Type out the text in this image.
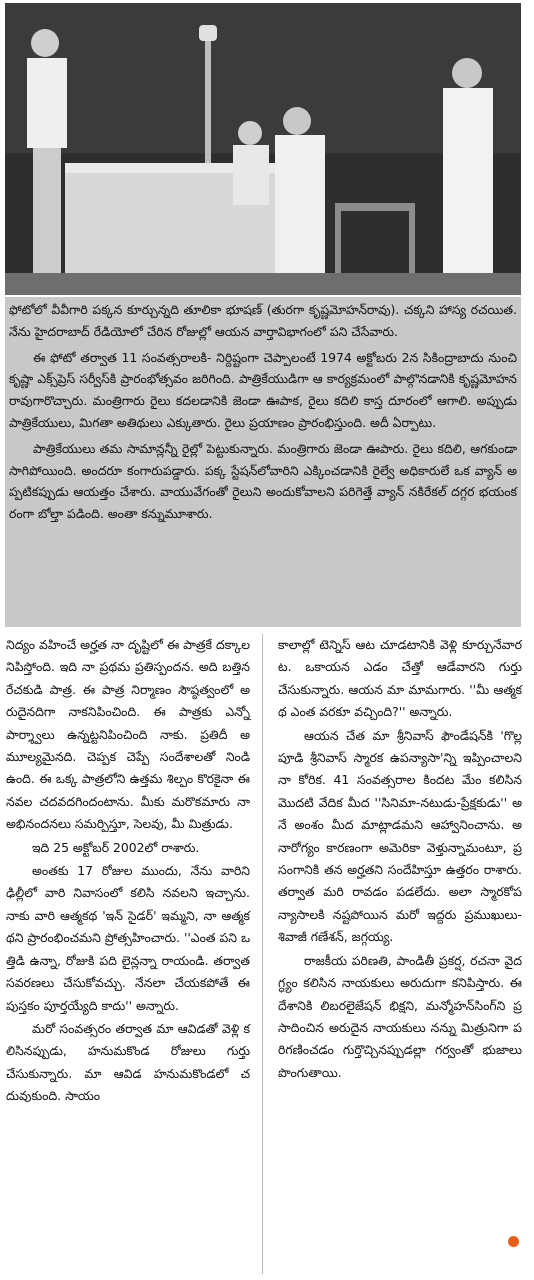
ఫోటోలో వీవీగారి పక్కన కూర్చున్నది తూలికా భూషణ్ (తురగా కృష్ణమోహన్‌రావు). చక్కని హాస్య రచయిత. నేను హైదరాబాద్ రేడియోలో చేరిన రోజుల్లో ఆయన వార్తావిభాగంలో పని చేసేవారు.

ఈ ఫోటో తర్వాత 11 సంవత్సరాలకి- నిర్దిష్టంగా చెప్పాలంటే 1974 అక్టోబరు 2న సికింద్రాబాదు నుంచి కృష్ణా ఎక్స్‌ప్రెస్ సర్వీస్‌కి ప్రారంభోత్సవం జరిగింది. పాత్రికేయుడిగా ఆ కార్యక్రమంలో పాల్గొనడానికి కృష్ణమోహనరావుగారొచ్చారు. మంత్రిగారు రైలు కదలడానికి జెండా ఊపాక, రైలు కదిలి కాస్త దూరంలో ఆగాలి. అప్పుడు పాత్రికేయులు, మిగతా అతిథులు ఎక్కుతారు. రైలు ప్రయాణం ప్రారంభిస్తుంది. అదీ ఏర్పాటు.

పాత్రికేయులు తమ సామాన్లన్నీ రైల్లో పెట్టుకున్నారు. మంత్రిగారు జెండా ఊపారు. రైలు కదిలి, ఆగకుండా సాగిపోయింది. అందరూ కంగారుపడ్డారు. పక్క స్టేషన్‌లోవారిని ఎక్కించడానికి రైల్వే అధికారులే ఒక వ్యాన్ అప్పటికప్పుడు ఆయత్తం చేశారు. వాయువేగంతో రైలుని అందుకోవాలని పరిగెత్తే వ్యాన్ నకిరేకల్ దగ్గర భయంకరంగా బోల్తా పడింది. అంతా కన్నుమూశారు.

నిద్యం వహించే అర్హత నా దృష్టిలో ఈ పాత్రకే దక్కాలనిపిస్తోంది. ఇది నా ప్రథమ ప్రతిస్పందన. అది బత్తిన రేచకుడి పాత్ర. ఈ పాత్ర నిర్మాణం సౌష్ఠత్వంలో అరుదైనదిగా నాకనిపించింది. ఈ పాత్రకు ఎన్నో పార్శ్వాలు ఉన్నట్టనిపించింది నాకు. ప్రతిదీ అమూల్యమైనది. చెప్పక చెప్పే సందేశాలతో నిండి ఉంది. ఈ ఒక్క పాత్రలోని ఉత్తమ శిల్పం కొరకైనా ఈ నవల చదవదగిందంటాను. మీకు మరొకమారు నా అభినందనలు సమర్పిస్తూ, సెలవు, మీ మిత్రుడు.

ఇది 25 అక్టోబర్ 2002లో రాశారు.

అంతకు 17 రోజుల ముందు, నేను వారిని ఢిల్లీలో వారి నివాసంలో కలిసి నవలని ఇచ్చాను. నాకు వారి ఆత్మకథ 'ఇన్ సైడర్' ఇమ్మని, నా ఆత్మకథని ప్రారంభించమని ప్రోత్సహించారు. ''ఎంత పని ఒత్తిడి ఉన్నా, రోజుకి పది లైన్లన్నా రాయండి. తర్వాత సవరణలు చేసుకోవచ్చు. నేనలా చేయకపోతే ఈ పుస్తకం పూర్తయ్యేది కాదు'' అన్నారు.

మరో సంవత్సరం తర్వాత మా ఆవిడతో వెళ్లి కలిసినప్పుడు, హనుమకొండ రోజులు గుర్తు చేసుకున్నారు. మా ఆవిడ హనుమకొండలో చదువుకుంది. సాయం

కాలాల్లో టెన్నిస్ ఆట చూడటానికి వెళ్లి కూర్చునేవారట. ఒకాయన ఎడం చేత్తో ఆడేవారని గుర్తు చేసుకున్నారు. ఆయన మా మామగారు. ''మీ ఆత్మకథ ఎంత వరకూ వచ్చింది?'' అన్నారు.

ఆయన చేత మా శ్రీనివాస్ ఫౌండేషన్‌కి 'గొల్లపూడి శ్రీనివాస్ స్మారక ఉపన్యాసా'న్ని ఇప్పించాలని నా కోరిక. 41 సంవత్సరాల కిందట మేం కలిసిన మొదటి వేదిక మీద ''సినిమా-నటుడు-ప్రేక్షకుడు'' అనే అంశం మీద మాట్లాడమని ఆహ్వానించాను. అనారోగ్యం కారణంగా అమెరికా వెళ్తున్నామంటూ, ప్రసంగానికి తన అర్హతని సందేహిస్తూ ఉత్తరం రాశారు. తర్వాత మరి రావడం పడలేదు. అలా స్మారకోపన్యాసాలకి నష్టపోయిన మరో ఇద్దరు ప్రముఖులు-శివాజీ గణేశన్, జగ్గయ్య.

రాజకీయ పరిణతి, పాండితీ ప్రకర్ష, రచనా వైదగ్ధ్యం కలిసిన నాయకులు అరుదుగా కనిపిస్తారు. ఈ దేశానికి లిబరలైజేషన్ భిక్షని, మన్మోహన్‌సింగ్‌ని ప్రసాదించిన అరుదైన నాయకులు నన్ను మిత్రునిగా పరిగణించడం గుర్తొచ్చినప్పుడల్లా గర్వంతో భుజాలు పొంగుతాయి.
